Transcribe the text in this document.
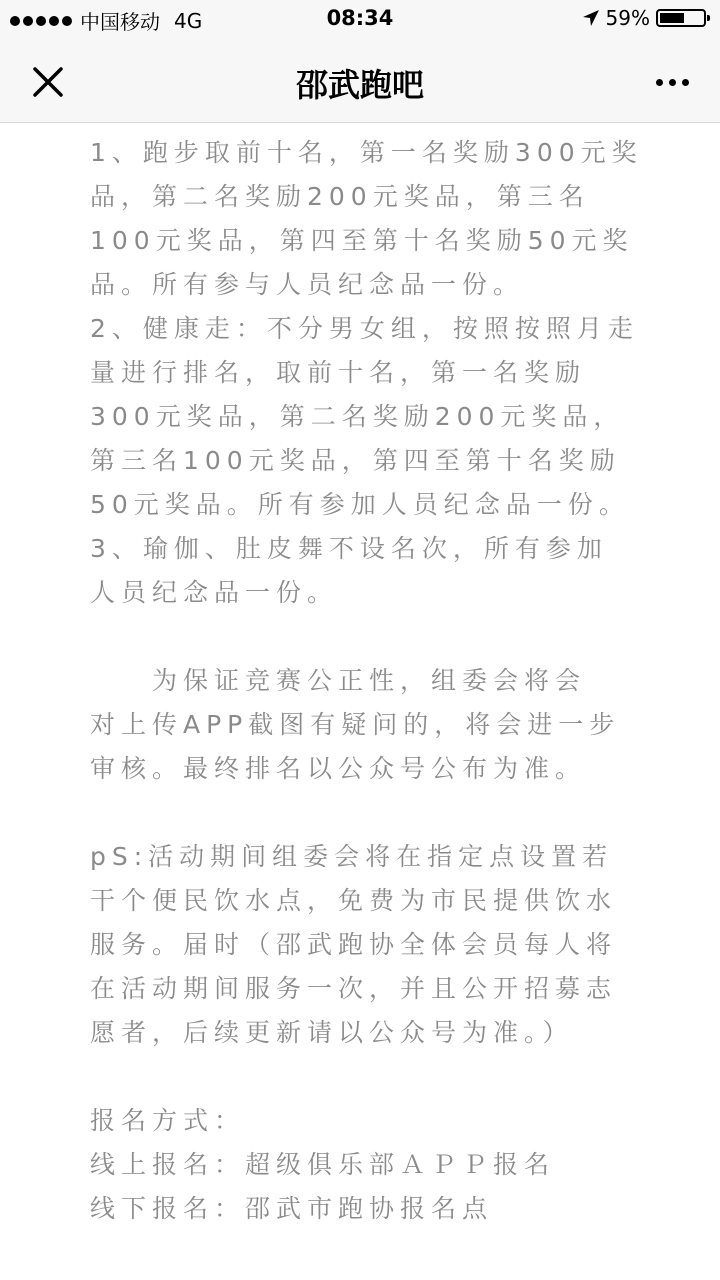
中国移动 4G	08:34	59%
邵武跑吧
1、跑步取前十名，第一名奖励300元奖
品，第二名奖励200元奖品，第三名
100元奖品，第四至第十名奖励50元奖
品。所有参与人员纪念品一份。
2、健康走：不分男女组，按照按照月走
量进行排名，取前十名，第一名奖励
300元奖品，第二名奖励200元奖品，
第三名100元奖品，第四至第十名奖励
50元奖品。所有参加人员纪念品一份。
3、瑜伽、肚皮舞不设名次，所有参加
人员纪念品一份。
　　为保证竞赛公正性，组委会将会
对上传APP截图有疑问的，将会进一步
审核。最终排名以公众号公布为准。
pS:活动期间组委会将在指定点设置若
干个便民饮水点，免费为市民提供饮水
服务。届时（邵武跑协全体会员每人将
在活动期间服务一次，并且公开招募志
愿者，后续更新请以公众号为准。）
报名方式：
线上报名：超级俱乐部ＡＰＰ报名
线下报名：邵武市跑协报名点
